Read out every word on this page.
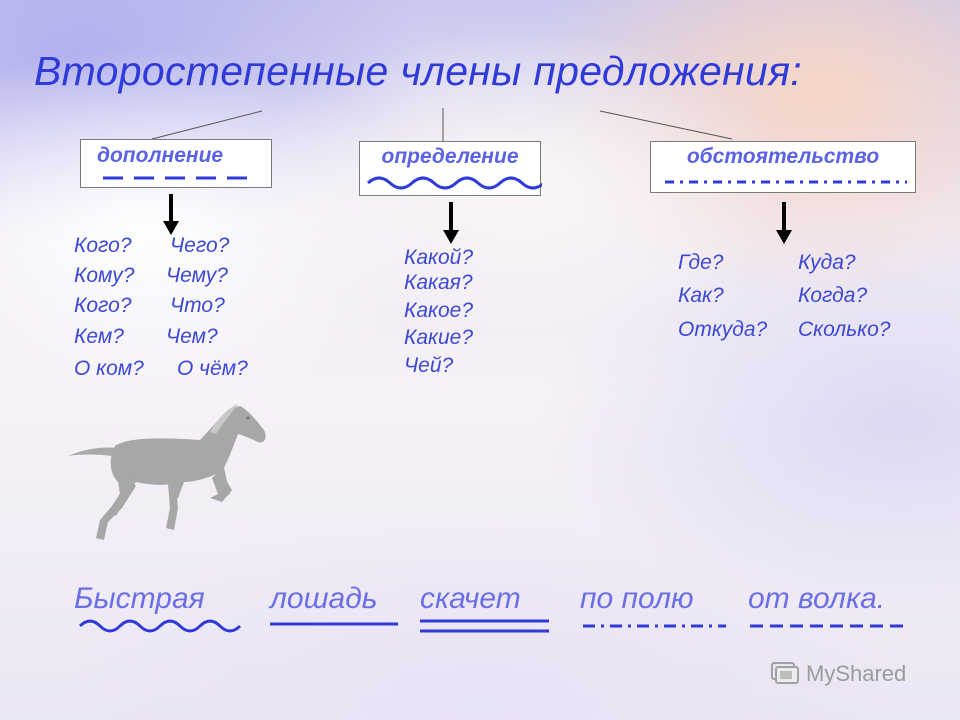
Второстепенные члены предложения:
дополнение	определение	обстоятельство
Кого? Чего?
Кому? Чему?
Кого? Что?
Кем? Чем?
О ком? О чём?
Какой?
Какая?
Какое?
Какие?
Чей?
Где?	Куда?
Как?	Когда?
Откуда? Сколько?
Быстрая лошадь скачет по полю от волка.
MyShared
